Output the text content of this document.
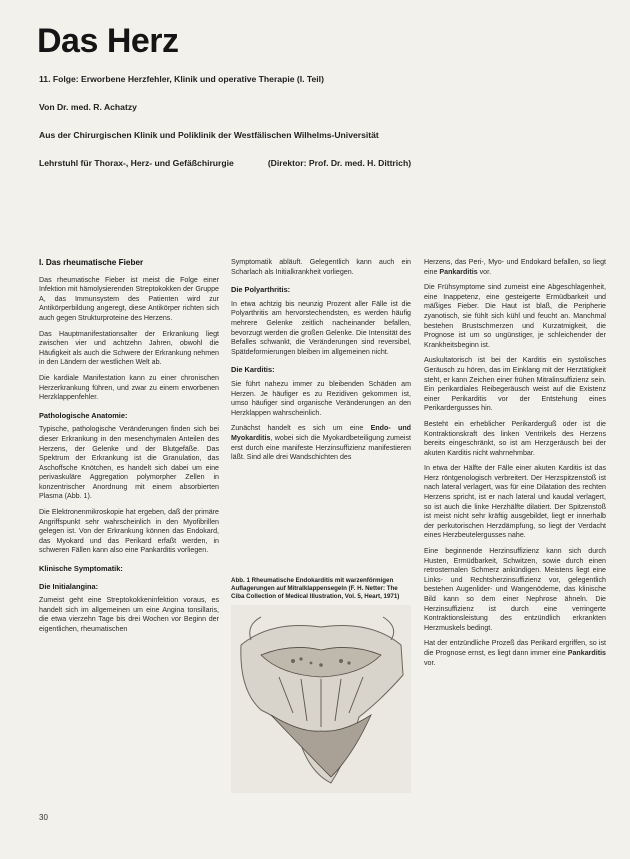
Das Herz
11. Folge: Erworbene Herzfehler, Klinik und operative Therapie (I. Teil)
Von Dr. med. R. Achatzy
Aus der Chirurgischen Klinik und Poliklinik der Westfälischen Wilhelms-Universität
Lehrstuhl für Thorax-, Herz- und Gefäßchirurgie	(Direktor: Prof. Dr. med. H. Dittrich)
I. Das rheumatische Fieber

Das rheumatische Fieber ist meist die Folge einer Infektion mit hämolysierenden Streptokokken der Gruppe A, das Immunsystem des Patienten wird zur Antikörperbildung angeregt, diese Antikörper richten sich auch gegen Strukturproteine des Herzens.

Das Hauptmanifestationsalter der Erkrankung liegt zwischen vier und achtzehn Jahren, obwohl die Häufigkeit als auch die Schwere der Erkrankung nehmen in den Ländern der westlichen Welt ab.

Die kardiale Manifestation kann zu einer chronischen Herzerkrankung führen, und zwar zu einem erworbenen Herzklappenfehler.

Pathologische Anatomie:

Typische, pathologische Veränderungen finden sich bei dieser Erkrankung in den mesenchymalen Anteilen des Herzens, der Gelenke und der Blutgefäße. Das Spektrum der Erkrankung ist die Granulation, das Aschoffsche Knötchen, es handelt sich dabei um eine perivaskuläre Aggregation polymorpher Zellen in konzentrischer Anordnung mit einem absorbierten Plasma (Abb. 1).

Die Elektronenmikroskopie hat ergeben, daß der primäre Angriffspunkt sehr wahrscheinlich in den Myofibrillen gelegen ist. Von der Erkrankung können das Endokard, das Myokard und das Perikard erfaßt werden, in schweren Fällen kann also eine Pankarditis vorliegen.

Klinische Symptomatik:
Die Initialangina:

Zumeist geht eine Streptokokkeninfektion voraus, es handelt sich im allgemeinen um eine Angina tonsillaris, die etwa vierzehn Tage bis drei Wochen vor Beginn der eigentlichen, rheumatischen

Symptomatik abläuft. Gelegentlich kann auch ein Scharlach als Initialkrankheit vorliegen.

Die Polyarthritis:

In etwa achtzig bis neunzig Prozent aller Fälle ist die Polyarthritis am hervorstechendsten, es werden häufig mehrere Gelenke zeitlich nacheinander befallen, bevorzugt werden die großen Gelenke. Die Intensität des Befalles schwankt, die Veränderungen sind reversibel, Spätdeformierungen bleiben im allgemeinen nicht.

Die Karditis:

Sie führt nahezu immer zu bleibenden Schäden am Herzen. Je häufiger es zu Rezidiven gekommen ist, umso häufiger sind organische Veränderungen an den Herzklappen wahrscheinlich.

Zunächst handelt es sich um eine Endo- und Myokarditis, wobei sich die Myokardbeteiligung zumeist erst durch eine manifeste Herzinsuffizienz manifestieren läßt. Sind alle drei Wandschichten des

Abb. 1 Rheumatische Endokarditis mit warzenförmigen Auflagerungen auf Mitralklappensegeln (F. H. Netter: The Ciba Collection of Medical Illustration, Vol. 5, Heart, 1971)

Herzens, das Peri-, Myo- und Endokard befallen, so liegt eine Pankarditis vor.

Die Frühsymptome sind zumeist eine Abgeschlagenheit, eine Inappetenz, eine gesteigerte Ermüdbarkeit und mäßiges Fieber. Die Haut ist blaß, die Peripherie zyanotisch, sie fühlt sich kühl und feucht an. Manchmal bestehen Brustschmerzen und Kurzatmigkeit, die Prognose ist um so ungünstiger, je schleichender der Krankheitsbeginn ist.

Auskultatorisch ist bei der Karditis ein systolisches Geräusch zu hören, das im Einklang mit der Herztätigkeit steht, er kann Zeichen einer frühen Mitralinsuffizienz sein. Ein perikardiales Reibegeräusch weist auf die Existenz einer Perikarditis vor der Entstehung eines Perikardergusses hin.

Besteht ein erheblicher Perikarderguß oder ist die Kontraktionskraft des linken Ventrikels des Herzens bereits eingeschränkt, so ist am Herzgeräusch bei der akuten Karditis nicht wahrnehmbar.

In etwa der Hälfte der Fälle einer akuten Karditis ist das Herz röntgenologisch verbreitert. Der Herzspitzenstoß ist nach lateral verlagert, was für eine Dilatation des rechten Herzens spricht, ist er nach lateral und kaudal verlagert, so ist auch die linke Herzhälfte dilatiert. Der Spitzenstoß ist meist nicht sehr kräftig ausgebildet, liegt er innerhalb der perkutorischen Herzdämpfung, so liegt der Verdacht eines Herzbeutelergusses nahe.

Eine beginnende Herzinsuffizienz kann sich durch Husten, Ermüdbarkeit, Schwitzen, sowie durch einen retrosternalen Schmerz ankündigen. Meistens liegt eine Links- und Rechtsherzinsuffizienz vor, gelegentlich bestehen Augenlider- und Wangenödeme, das klinische Bild kann so dem einer Nephrose ähneln. Die Herzinsuffizienz ist durch eine verringerte Kontraktionsleistung des entzündlich erkrankten Herzmuskels bedingt.

Hat der entzündliche Prozeß das Perikard ergriffen, so ist die Prognose ernst, es liegt dann immer eine Pankarditis vor.

30
